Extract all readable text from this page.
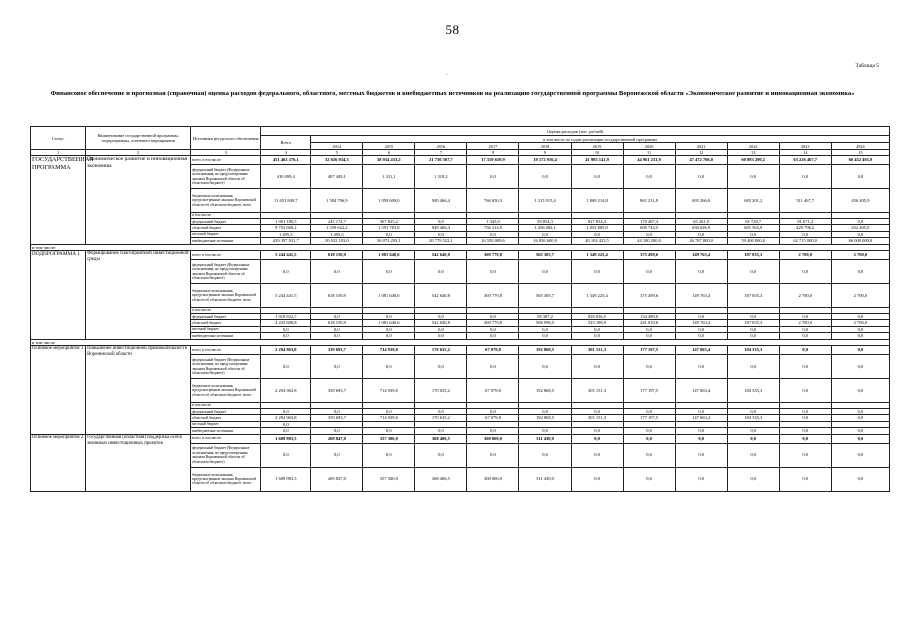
58
·
Таблица 5
Финансовое обеспечение и прогнозная (справочная) оценка расходов федерального, областного, местных бюджетов и внебюджетных источников на реализацию государственной программы Воронежской области «Экономическое развитие и инновационная экономика»
Статус	Наименование государственной программы, подпрограммы, основного мероприятия	Источники ресурсного обеспечения	Оценка расходов (тыс. рублей)											
			Всего	в том числе по годам реализации государственной программы										
				2014	2015	2016	2017	2018	2019	2020	2021	2022	2023	2024
1	2	3	4	5	6	7	8	9	10	11	12	13	14	15
ГОСУДАРСТВЕННАЯ ПРОГРАММА	Экономическое развитие и инновационная экономика	всего, в том числе:	451 463 376,1	32 026 934,3	38 034 433,2	21 730 507,7	17 319 659,9	18 172 916,4	41 983 141,9	44 961 231,9	47 472 706,0	60 083 290,2	63 226 467,7	66 452 405,9
		федеральный бюджет (Федеральные ассигнования, не предусмотренные законом Воронежской области об областном бюджете)	410 099,4	407 449,1	1 331,1	1 319,2	0,0	0,0	0,0	0,0	0,0	0,0	0,0	0,0
		бюджетные ассигнования, предусмотренные законом Воронежской области об областном бюджете, всего	11 653 849,7	1 584 796,9	1 959 609,0	949 466,4	766 650,3	1 315 915,4	1 869 214,8	861 231,9	695 266,0	683 201,2	511 467,7	456 405,9
		в том числе:												
		федеральный бюджет	1 901 180,5	245 174,7	367 825,2	0,0	1 345,0	59 854,3	827 834,4	170 487,4	65 261,0	61 728,7	81 671,2	0,0
		областной бюджет	9 752 669,2	1 339 622,2	1 591 783,8	949 466,4	756 314,9	1 256 082,1	1 052 885,0	690 744,5	630 026,9	601 563,9	429 796,5	452 405,9
		местный бюджет	1 495,3	1 495,3	0,0	0,0	0,0	0,0	0,0	0,0	0,0	0,0	0,0	0,0
		внебюджетные источники	439 397 931,7	30 032 193,0	36 073 293,1	20 779 522,1	16 550 009,6	16 856 600,9	40 102 423,5	44 100 200,0	46 787 800,0	59 400 000,0	62 715 000,0	66 000 000,0
в том числе:														
ПОДПРОГРАММА 1	Формирование благоприятной инвестиционной среды	всего, в том числе:	5 244 441,5	618 150,9	1 081 640,6	542 640,8	369 779,8	565 305,7	1 349 225,4	375 499,6	149 763,4	187 035,3	2 700,0	2 700,0
		федеральный бюджет (Федеральные ассигнования, не предусмотренные законом Воронежской области об областном бюджете)	0,0	0,0	0,0	0,0	0,0	0,0	0,0	0,0	0,0	0,0	0,0	0,0
		бюджетные ассигнования, предусмотренные законом Воронежской области об областном бюджете, всего	5 244 441,5	618 150,9	1 081 640,6	542 640,8	369 779,8	565 305,7	1 349 225,4	375 499,6	149 763,4	187 035,3	2 700,0	2 700,0
		в том числе:												
		федеральный бюджет	1 018 832,7	0,0	0,0	0,0	0,0	58 307,2	826 036,5	134 489,0	0,0	0,0	0,0	0,0
		областной бюджет	4 225 608,8	618 150,9	1 081 640,6	542 640,8	369 779,8	506 998,5	523 188,9	241 010,6	149 763,4	187 035,3	2 700,0	2 700,0
		местный бюджет	0,0	0,0	0,0	0,0	0,0	0,0	0,0	0,0	0,0	0,0	0,0	0,0
		внебюджетные источники	0,0	0,0	0,0	0,0	0,0	0,0	0,0	0,0	0,0	0,0	0,0	0,0
в том числе														
Основное мероприятие 1	Повышение инвестиционной привлекательности Воронежской области	всего, в том числе:	2 294 963,8	339 693,7	714 939,0	170 635,2	67 079,8	192 868,5	301 151,3	177 197,5	147 063,4	184 335,3	0,0	0,0
		федеральный бюджет (Федеральные ассигнования, не предусмотренные законом Воронежской области об областном бюджете)	0,0	0,0	0,0	0,0	0,0	0,0	0,0	0,0	0,0	0,0	0,0	0,0
		бюджетные ассигнования, предусмотренные законом Воронежской области об областном бюджете, всего	2 294 963,8	339 693,7	714 939,0	170 635,2	67 079,8	192 868,5	301 151,3	177 197,5	147 063,4	184 335,3	0,0	0,0
		в том числе:												
		федеральный бюджет	0,0	0,0	0,0	0,0	0,0	0,0	0,0	0,0	0,0	0,0	0,0	0,0
		областной бюджет	2 294 963,8	339 693,7	714 939,0	170 635,2	67 079,8	192 868,5	301 151,3	177 197,5	147 063,4	184 335,3	0,0	0,0
		местный бюджет	0,0											
		внебюджетные источники	0,0	0,0	0,0	0,0	0,0	0,0	0,0	0,0	0,0	0,0	0,0	0,0
Основное мероприятие 2	Государственная (областная) поддержка особо значимых инвестиционных проектов	всего, в том числе:	1 609 983,5	269 847,0	357 300,0	368 406,5	300 000,0	311 430,0	0,0	0,0	0,0	0,0	0,0	0,0
		федеральный бюджет (Федеральные ассигнования, не предусмотренные законом Воронежской области об областном бюджете)	0,0	0,0	0,0	0,0	0,0	0,0	0,0	0,0	0,0	0,0	0,0	0,0
		бюджетные ассигнования, предусмотренные законом Воронежской области об областном бюджете, всего	1 609 983,5	269 847,0	357 300,0	368 406,5	300 000,0	311 430,0	0,0	0,0	0,0	0,0	0,0	0,0
